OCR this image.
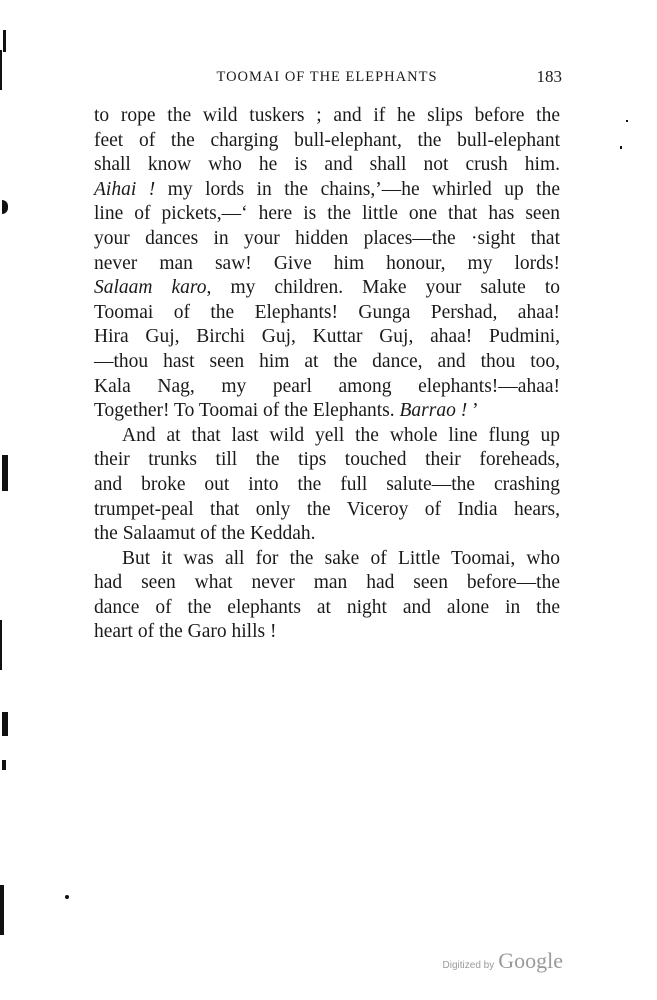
TOOMAI OF THE ELEPHANTS	183
to rope the wild tuskers ; and if he slips before the
feet of the charging bull-elephant, the bull-elephant
shall know who he is and shall not crush him.
Aihai ! my lords in the chains,’—he whirled up the
line of pickets,—‘ here is the little one that has seen
your dances in your hidden places—the ·sight that
never man saw! Give him honour, my lords!
Salaam karo, my children. Make your salute to
Toomai of the Elephants! Gunga Pershad, ahaa!
Hira Guj, Birchi Guj, Kuttar Guj, ahaa! Pudmini,
—thou hast seen him at the dance, and thou too,
Kala Nag, my pearl among elephants!—ahaa!
Together! To Toomai of the Elephants. Barrao ! ’
And at that last wild yell the whole line flung up
their trunks till the tips touched their foreheads,
and broke out into the full salute—the crashing
trumpet-peal that only the Viceroy of India hears,
the Salaamut of the Keddah.
But it was all for the sake of Little Toomai, who
had seen what never man had seen before—the
dance of the elephants at night and alone in the
heart of the Garo hills !
Digitized by Google
